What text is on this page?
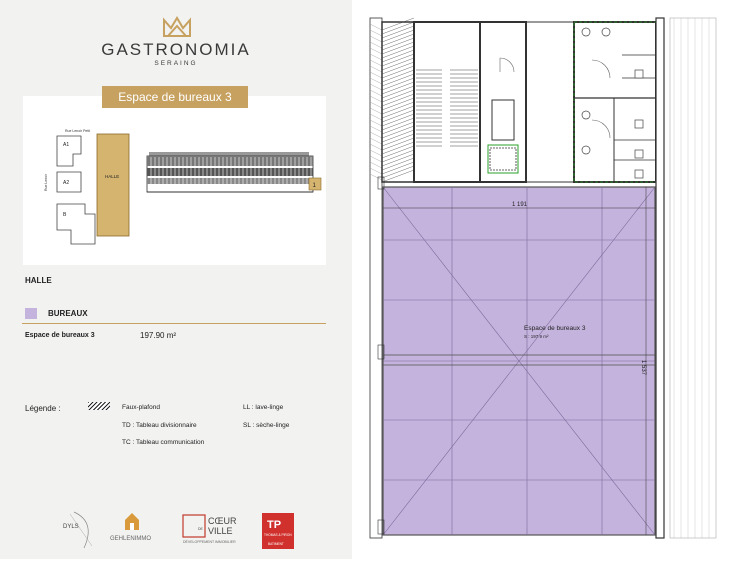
GASTRONOMIA
SERAING
Rue Lenoir Petit
Rue Lenoir
A1
A2
B
HALLE
1
Espace de bureaux 3
HALLE
BUREAUX
Espace de bureaux 3	197.90 m²
Légende :	Faux-plafond	LL : lave-linge
TD : Tableau divisionnaire	SL : sèche-linge
TC : Tableau communication
DYLS
GEHLENIMMO
CŒUR
DE VILLE
DÉVELOPPEMENT IMMOBILIER
TP
THOMAS & PIRON
BATIMENT
1 191
1 537
Espace de bureaux 3
S : 197.9 m²
